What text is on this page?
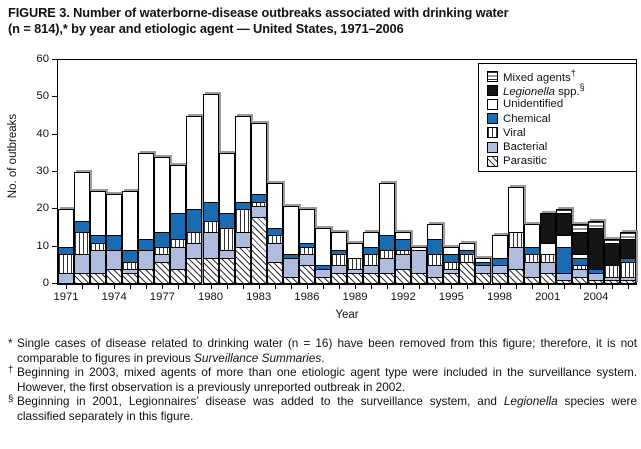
FIGURE 3. Number of waterborne-disease outbreaks associated with drinking water
(n = 814),* by year and etiologic agent — United States, 1971–2006
0
10
20
30
40
50
60
1971	1974	1977	1980	1983	1986	1989	1992	1995	1998	2001	2004
No. of outbreaks
Year
Mixed agents†
Legionella spp.§
Unidentified
Chemical
Viral
Bacterial
Parasitic

* Single cases of disease related to drinking water (n = 16) have been removed from this figure; therefore, it is not comparable to figures in previous Surveillance Summaries.

† Beginning in 2003, mixed agents of more than one etiologic agent type were included in the surveillance system. However, the first observation is a previously unreported outbreak in 2002.

§ Beginning in 2001, Legionnaires’ disease was added to the surveillance system, and Legionella species were classified separately in this figure.
